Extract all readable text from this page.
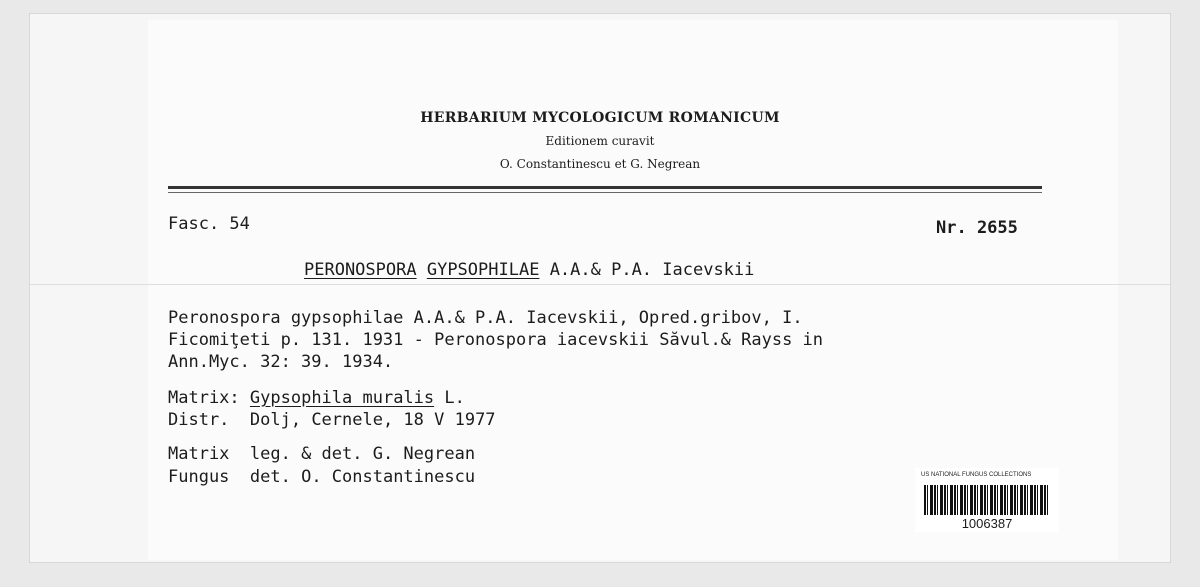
HERBARIUM MYCOLOGICUM ROMANICUM
Editionem curavit
O. Constantinescu et G. Negrean
Fasc. 54	Nr. 2655
PERONOSPORA GYPSOPHILAE A.A.& P.A. Iacevskii
Peronospora gypsophilae A.A.& P.A. Iacevskii, Opred.gribov, I.
Ficomiţeti p. 131. 1931 - Peronospora iacevskii Săvul.& Rayss in
Ann.Myc. 32: 39. 1934.
Matrix: Gypsophila muralis L.
Distr. Dolj, Cernele, 18 V 1977
Matrix leg. & det. G. Negrean
Fungus det. O. Constantinescu	US NATIONAL FUNGUS COLLECTIONS
1006387
